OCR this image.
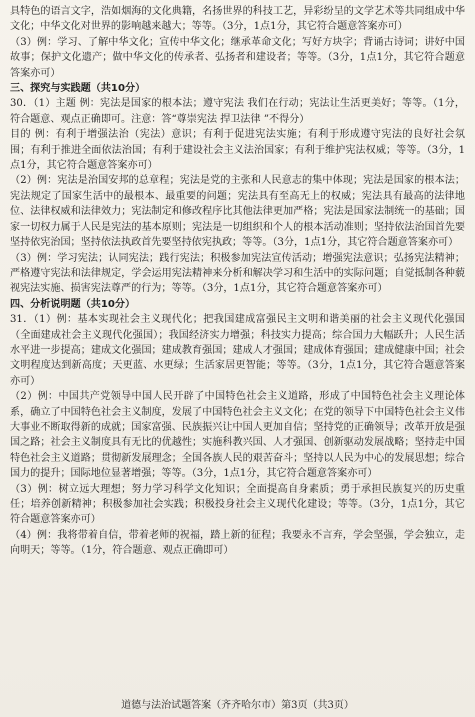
具特色的语言文字，浩如烟海的文化典籍，名扬世界的科技工艺，异彩纷呈的文学艺术等共同组成中华文化；中华文化对世界的影响越来越大；等等。（3分，1点1分，其它符合题意答案亦可）

（3）例：学习、了解中华文化；宣传中华文化；继承革命文化；写好方块字；背诵古诗词；讲好中国故事；保护文化遗产；做中华文化的传承者、弘扬者和建设者；等等。（3分，1点1分，其它符合题意答案亦可）

三、探究与实践题（共10分）

30．（1）主题 例：宪法是国家的根本法；遵守宪法 我们在行动；宪法让生活更美好；等等。（1分，符合题意、观点正确即可。注意：答“尊崇宪法 捍卫法律 ”不得分）

目的 例：有利于增强法治（宪法）意识；有利于促进宪法实施；有利于形成遵守宪法的良好社会氛围；有利于推进全面依法治国；有利于建设社会主义法治国家；有利于维护宪法权威；等等。（3分，1点1分，其它符合题意答案亦可）

（2）例：宪法是治国安邦的总章程；宪法是党的主张和人民意志的集中体现；宪法是国家的根本法；宪法规定了国家生活中的最根本、最重要的问题；宪法具有至高无上的权威；宪法具有最高的法律地位、法律权威和法律效力；宪法制定和修改程序比其他法律更加严格；宪法是国家法制统一的基础；国家一切权力属于人民是宪法的基本原则；宪法是一切组织和个人的根本活动准则；坚持依法治国首先要坚持依宪治国；坚持依法执政首先要坚持依宪执政；等等。（3分，1点1分，其它符合题意答案亦可）

（3）例：学习宪法；认同宪法；践行宪法；积极参加宪法宣传活动；增强宪法意识；弘扬宪法精神；严格遵守宪法和法律规定，学会运用宪法精神来分析和解决学习和生活中的实际问题；自觉抵制各种藐视宪法实施、损害宪法尊严的行为；等等。（3分，1点1分，其它符合题意答案亦可）

四、分析说明题（共10分）

31．（1）例：基本实现社会主义现代化；把我国建成富强民主文明和谐美丽的社会主义现代化强国（全面建成社会主义现代化强国）；我国经济实力增强；科技实力提高；综合国力大幅跃升；人民生活水平进一步提高；建成文化强国；建成教育强国；建成人才强国；建成体育强国；建成健康中国；社会文明程度达到新高度；天更蓝、水更绿；生活家居更智能；等等。（3分，1点1分，其它符合题意答案亦可）

（2）例：中国共产党领导中国人民开辟了中国特色社会主义道路，形成了中国特色社会主义理论体系，确立了中国特色社会主义制度，发展了中国特色社会主义文化；在党的领导下中国特色社会主义伟大事业不断取得新的成就；国家富强、民族振兴让中国人更加自信；坚持党的正确领导；改革开放是强国之路；社会主义制度具有无比的优越性；实施科教兴国、人才强国、创新驱动发展战略；坚持走中国特色社会主义道路；贯彻新发展理念；全国各族人民的艰苦奋斗；坚持以人民为中心的发展思想；综合国力的提升；国际地位显著增强；等等。（3分，1点1分，其它符合题意答案亦可）

（3）例：树立远大理想；努力学习科学文化知识；全面提高自身素质；勇于承担民族复兴的历史重任；培养创新精神；积极参加社会实践；积极投身社会主义现代化建设；等等。（3分，1点1分，其它符合题意答案亦可）

（4）例：我将带着自信，带着老师的祝福，踏上新的征程；我要永不言弃，学会坚强，学会独立，走向明天；等等。（1分，符合题意、观点正确即可）

道德与法治试题答案（齐齐哈尔市）第3页（共3页）
